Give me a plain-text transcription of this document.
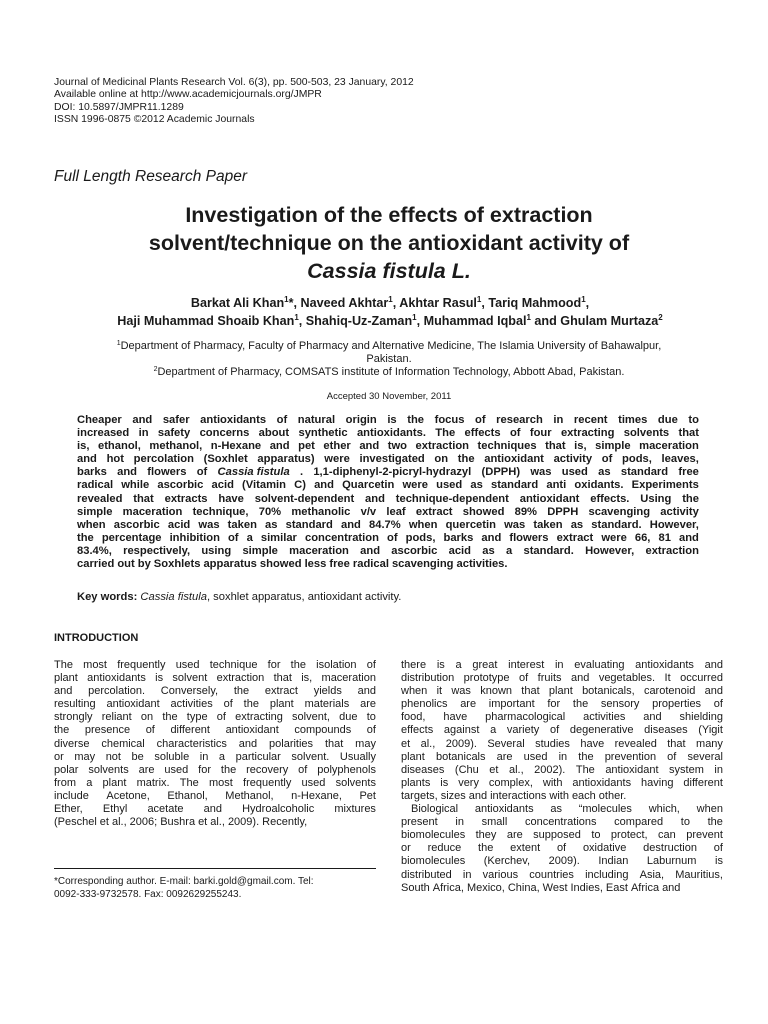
Journal of Medicinal Plants Research Vol. 6(3), pp. 500-503, 23 January, 2012
Available online at http://www.academicjournals.org/JMPR
DOI: 10.5897/JMPR11.1289
ISSN 1996-0875 ©2012 Academic Journals
Full Length Research Paper
Investigation of the effects of extraction
solvent/technique on the antioxidant activity of
Cassia fistula L.
Barkat Ali Khan$^1$*, Naveed Akhtar$^1$, Akhtar Rasul$^1$, Tariq Mahmood$^1$,
Haji Muhammad Shoaib Khan$^1$, Shahiq-Uz-Zaman$^1$, Muhammad Iqbal$^1$ and Ghulam Murtaza$^2$
$^1$Department of Pharmacy, Faculty of Pharmacy and Alternative Medicine, The Islamia University of Bahawalpur,
Pakistan.
$^2$Department of Pharmacy, COMSATS institute of Information Technology, Abbott Abad, Pakistan.
Accepted 30 November, 2011
Cheaper and safer antioxidants of natural origin is the focus of research in recent times due to
increased in safety concerns about synthetic antioxidants. The effects of four extracting solvents that
is, ethanol, methanol, n-Hexane and pet ether and two extraction techniques that is, simple maceration
and hot percolation (Soxhlet apparatus) were investigated on the antioxidant activity of pods, leaves,
barks and flowers of Cassia fistula . 1,1-diphenyl-2-picryl-hydrazyl (DPPH) was used as standard free
radical while ascorbic acid (Vitamin C) and Quarcetin were used as standard anti oxidants. Experiments
revealed that extracts have solvent-dependent and technique-dependent antioxidant effects. Using the
simple maceration technique, 70% methanolic v/v leaf extract showed 89% DPPH scavenging activity
when ascorbic acid was taken as standard and 84.7% when quercetin was taken as standard. However,
the percentage inhibition of a similar concentration of pods, barks and flowers extract were 66, 81 and
83.4%, respectively, using simple maceration and ascorbic acid as a standard. However, extraction
carried out by Soxhlets apparatus showed less free radical scavenging activities.
Key words: Cassia fistula, soxhlet apparatus, antioxidant activity.
INTRODUCTION
The most frequently used technique for the isolation of
plant antioxidants is solvent extraction that is, maceration
and percolation. Conversely, the extract yields and
resulting antioxidant activities of the plant materials are
strongly reliant on the type of extracting solvent, due to
the presence of different antioxidant compounds of
diverse chemical characteristics and polarities that may
or may not be soluble in a particular solvent. Usually
polar solvents are used for the recovery of polyphenols
from a plant matrix. The most frequently used solvents
include Acetone, Ethanol, Methanol, n-Hexane, Pet
Ether, Ethyl acetate and Hydroalcoholic mixtures
(Peschel et al., 2006; Bushra et al., 2009). Recently,
there is a great interest in evaluating antioxidants and
distribution prototype of fruits and vegetables. It occurred
when it was known that plant botanicals, carotenoid and
phenolics are important for the sensory properties of
food, have pharmacological activities and shielding
effects against a variety of degenerative diseases (Yigit
et al., 2009). Several studies have revealed that many
plant botanicals are used in the prevention of several
diseases (Chu et al., 2002). The antioxidant system in
plants is very complex, with antioxidants having different
targets, sizes and interactions with each other.
Biological antioxidants as “molecules which, when
present in small concentrations compared to the
biomolecules they are supposed to protect, can prevent
or reduce the extent of oxidative destruction of
biomolecules (Kerchev, 2009). Indian Laburnum is
distributed in various countries including Asia, Mauritius,
South Africa, Mexico, China, West Indies, East Africa and
*Corresponding author. E-mail: barki.gold@gmail.com. Tel:
0092-333-9732578. Fax: 0092629255243.
